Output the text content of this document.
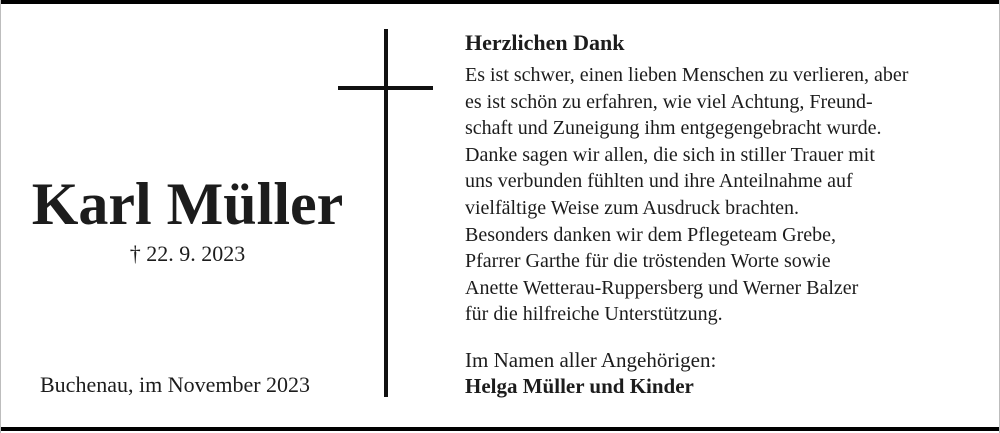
Karl Müller
† 22. 9. 2023
Buchenau, im November 2023
Herzlichen Dank
Es ist schwer, einen lieben Menschen zu verlieren, aber
es ist schön zu erfahren, wie viel Achtung, Freund-
schaft und Zuneigung ihm entgegengebracht wurde.
Danke sagen wir allen, die sich in stiller Trauer mit
uns verbunden fühlten und ihre Anteilnahme auf
vielfältige Weise zum Ausdruck brachten.
Besonders danken wir dem Pflegeteam Grebe,
Pfarrer Garthe für die tröstenden Worte sowie
Anette Wetterau-Ruppersberg und Werner Balzer
für die hilfreiche Unterstützung.
Im Namen aller Angehörigen:
Helga Müller und Kinder
